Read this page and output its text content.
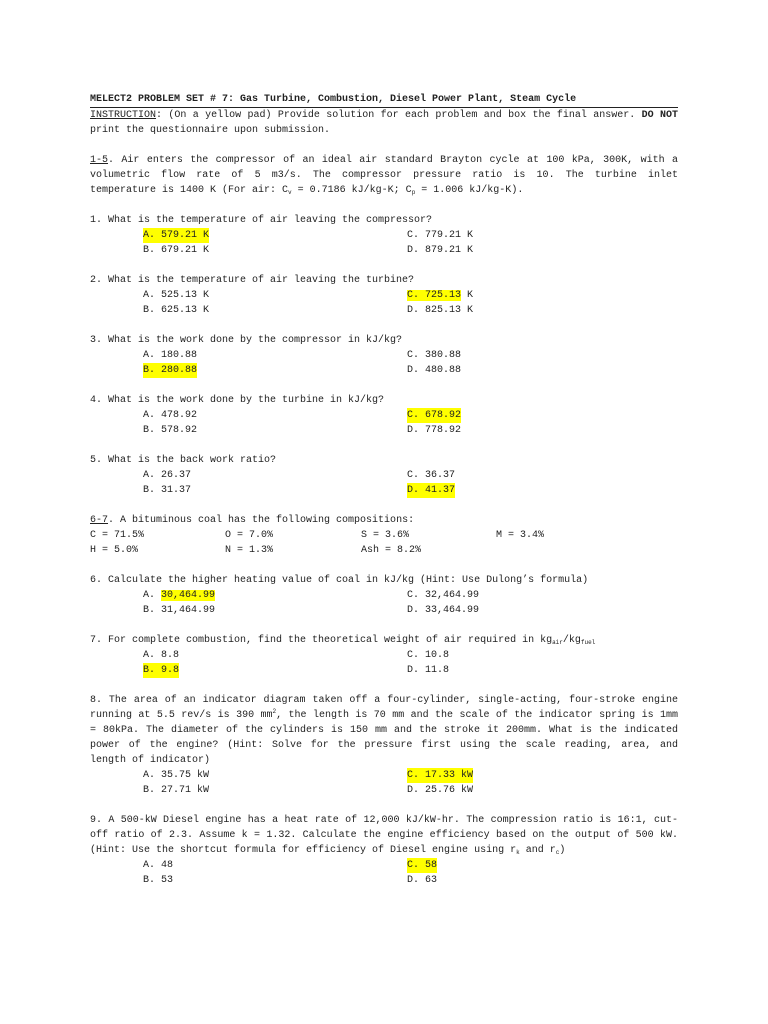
MELECT2 PROBLEM SET # 7: Gas Turbine, Combustion, Diesel Power Plant, Steam Cycle
INSTRUCTION: (On a yellow pad) Provide solution for each problem and box the final answer. DO NOT print the questionnaire upon submission.
1-5. Air enters the compressor of an ideal air standard Brayton cycle at 100 kPa, 300K, with a volumetric flow rate of 5 m3/s. The compressor pressure ratio is 10. The turbine inlet temperature is 1400 K (For air: $C_v = 0.7186$ kJ/kg-K; $C_p = 1.006$ kJ/kg-K).
1. What is the temperature of air leaving the compressor?
A. 579.21 K
B. 679.21 K
C. 779.21 K
D. 879.21 K
2. What is the temperature of air leaving the turbine?
A. 525.13 K
B. 625.13 K
C. 725.13 K
D. 825.13 K
3. What is the work done by the compressor in kJ/kg?
A. 180.88
B. 280.88
C. 380.88
D. 480.88
4. What is the work done by the turbine in kJ/kg?
A. 478.92
B. 578.92
C. 678.92
D. 778.92
5. What is the back work ratio?
A. 26.37
B. 31.37
C. 36.37
D. 41.37
6-7. A bituminous coal has the following compositions:
C = 71.5%	O = 7.0%	S = 3.6%	M = 3.4%
H = 5.0%	N = 1.3%	Ash = 8.2%
6. Calculate the higher heating value of coal in kJ/kg (Hint: Use Dulong’s formula)
A. 30,464.99
B. 31,464.99
C. 32,464.99
D. 33,464.99
7. For complete combustion, find the theoretical weight of air required in $kg_{air}/kg_{fuel}$
A. 8.8
B. 9.8
C. 10.8
D. 11.8
8. The area of an indicator diagram taken off a four-cylinder, single-acting, four-stroke engine running at 5.5 rev/s is 390 $mm^2$, the length is 70 mm and the scale of the indicator spring is 1mm = 80kPa. The diameter of the cylinders is 150 mm and the stroke it 200mm. What is the indicated power of the engine? (Hint: Solve for the pressure first using the scale reading, area, and length of indicator)
A. 35.75 kW
B. 27.71 kW
C. 17.33 kW
D. 25.76 kW
9. A 500-kW Diesel engine has a heat rate of 12,000 kJ/kW-hr. The compression ratio is 16:1, cut-off ratio of 2.3. Assume k = 1.32. Calculate the engine efficiency based on the output of 500 kW. (Hint: Use the shortcut formula for efficiency of Diesel engine using $r_k$ and $r_c$)
A. 48
B. 53
C. 58
D. 63
